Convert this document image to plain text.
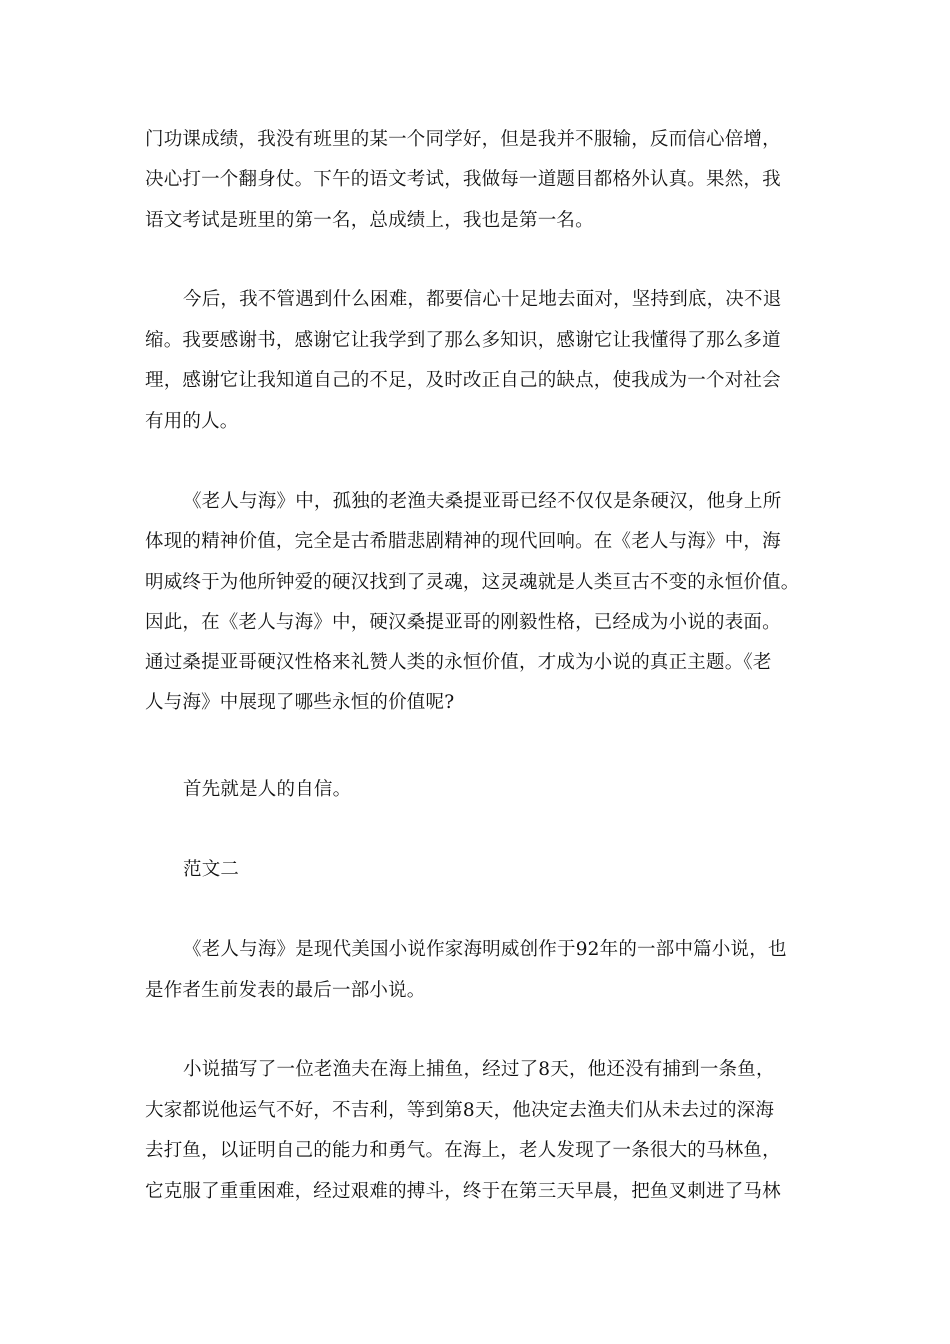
门功课成绩，我没有班里的某一个同学好，但是我并不服输，反而信心倍增，
决心打一个翻身仗。下午的语文考试，我做每一道题目都格外认真。果然，我
语文考试是班里的第一名，总成绩上，我也是第一名。
今后，我不管遇到什么困难，都要信心十足地去面对，坚持到底，决不退
缩。我要感谢书，感谢它让我学到了那么多知识，感谢它让我懂得了那么多道
理，感谢它让我知道自己的不足，及时改正自己的缺点，使我成为一个对社会
有用的人。
《老人与海》中，孤独的老渔夫桑提亚哥已经不仅仅是条硬汉，他身上所
体现的精神价值，完全是古希腊悲剧精神的现代回响。在《老人与海》中，海
明威终于为他所钟爱的硬汉找到了灵魂，这灵魂就是人类亘古不变的永恒价值。
因此，在《老人与海》中，硬汉桑提亚哥的刚毅性格，已经成为小说的表面。
通过桑提亚哥硬汉性格来礼赞人类的永恒价值，才成为小说的真正主题。《老
人与海》中展现了哪些永恒的价值呢?
首先就是人的自信。
范文二
《老人与海》是现代美国小说作家海明威创作于92年的一部中篇小说，也
是作者生前发表的最后一部小说。
小说描写了一位老渔夫在海上捕鱼，经过了8天，他还没有捕到一条鱼，
大家都说他运气不好，不吉利，等到第8天，他决定去渔夫们从未去过的深海
去打鱼，以证明自己的能力和勇气。在海上，老人发现了一条很大的马林鱼，
它克服了重重困难，经过艰难的搏斗，终于在第三天早晨，把鱼叉刺进了马林
